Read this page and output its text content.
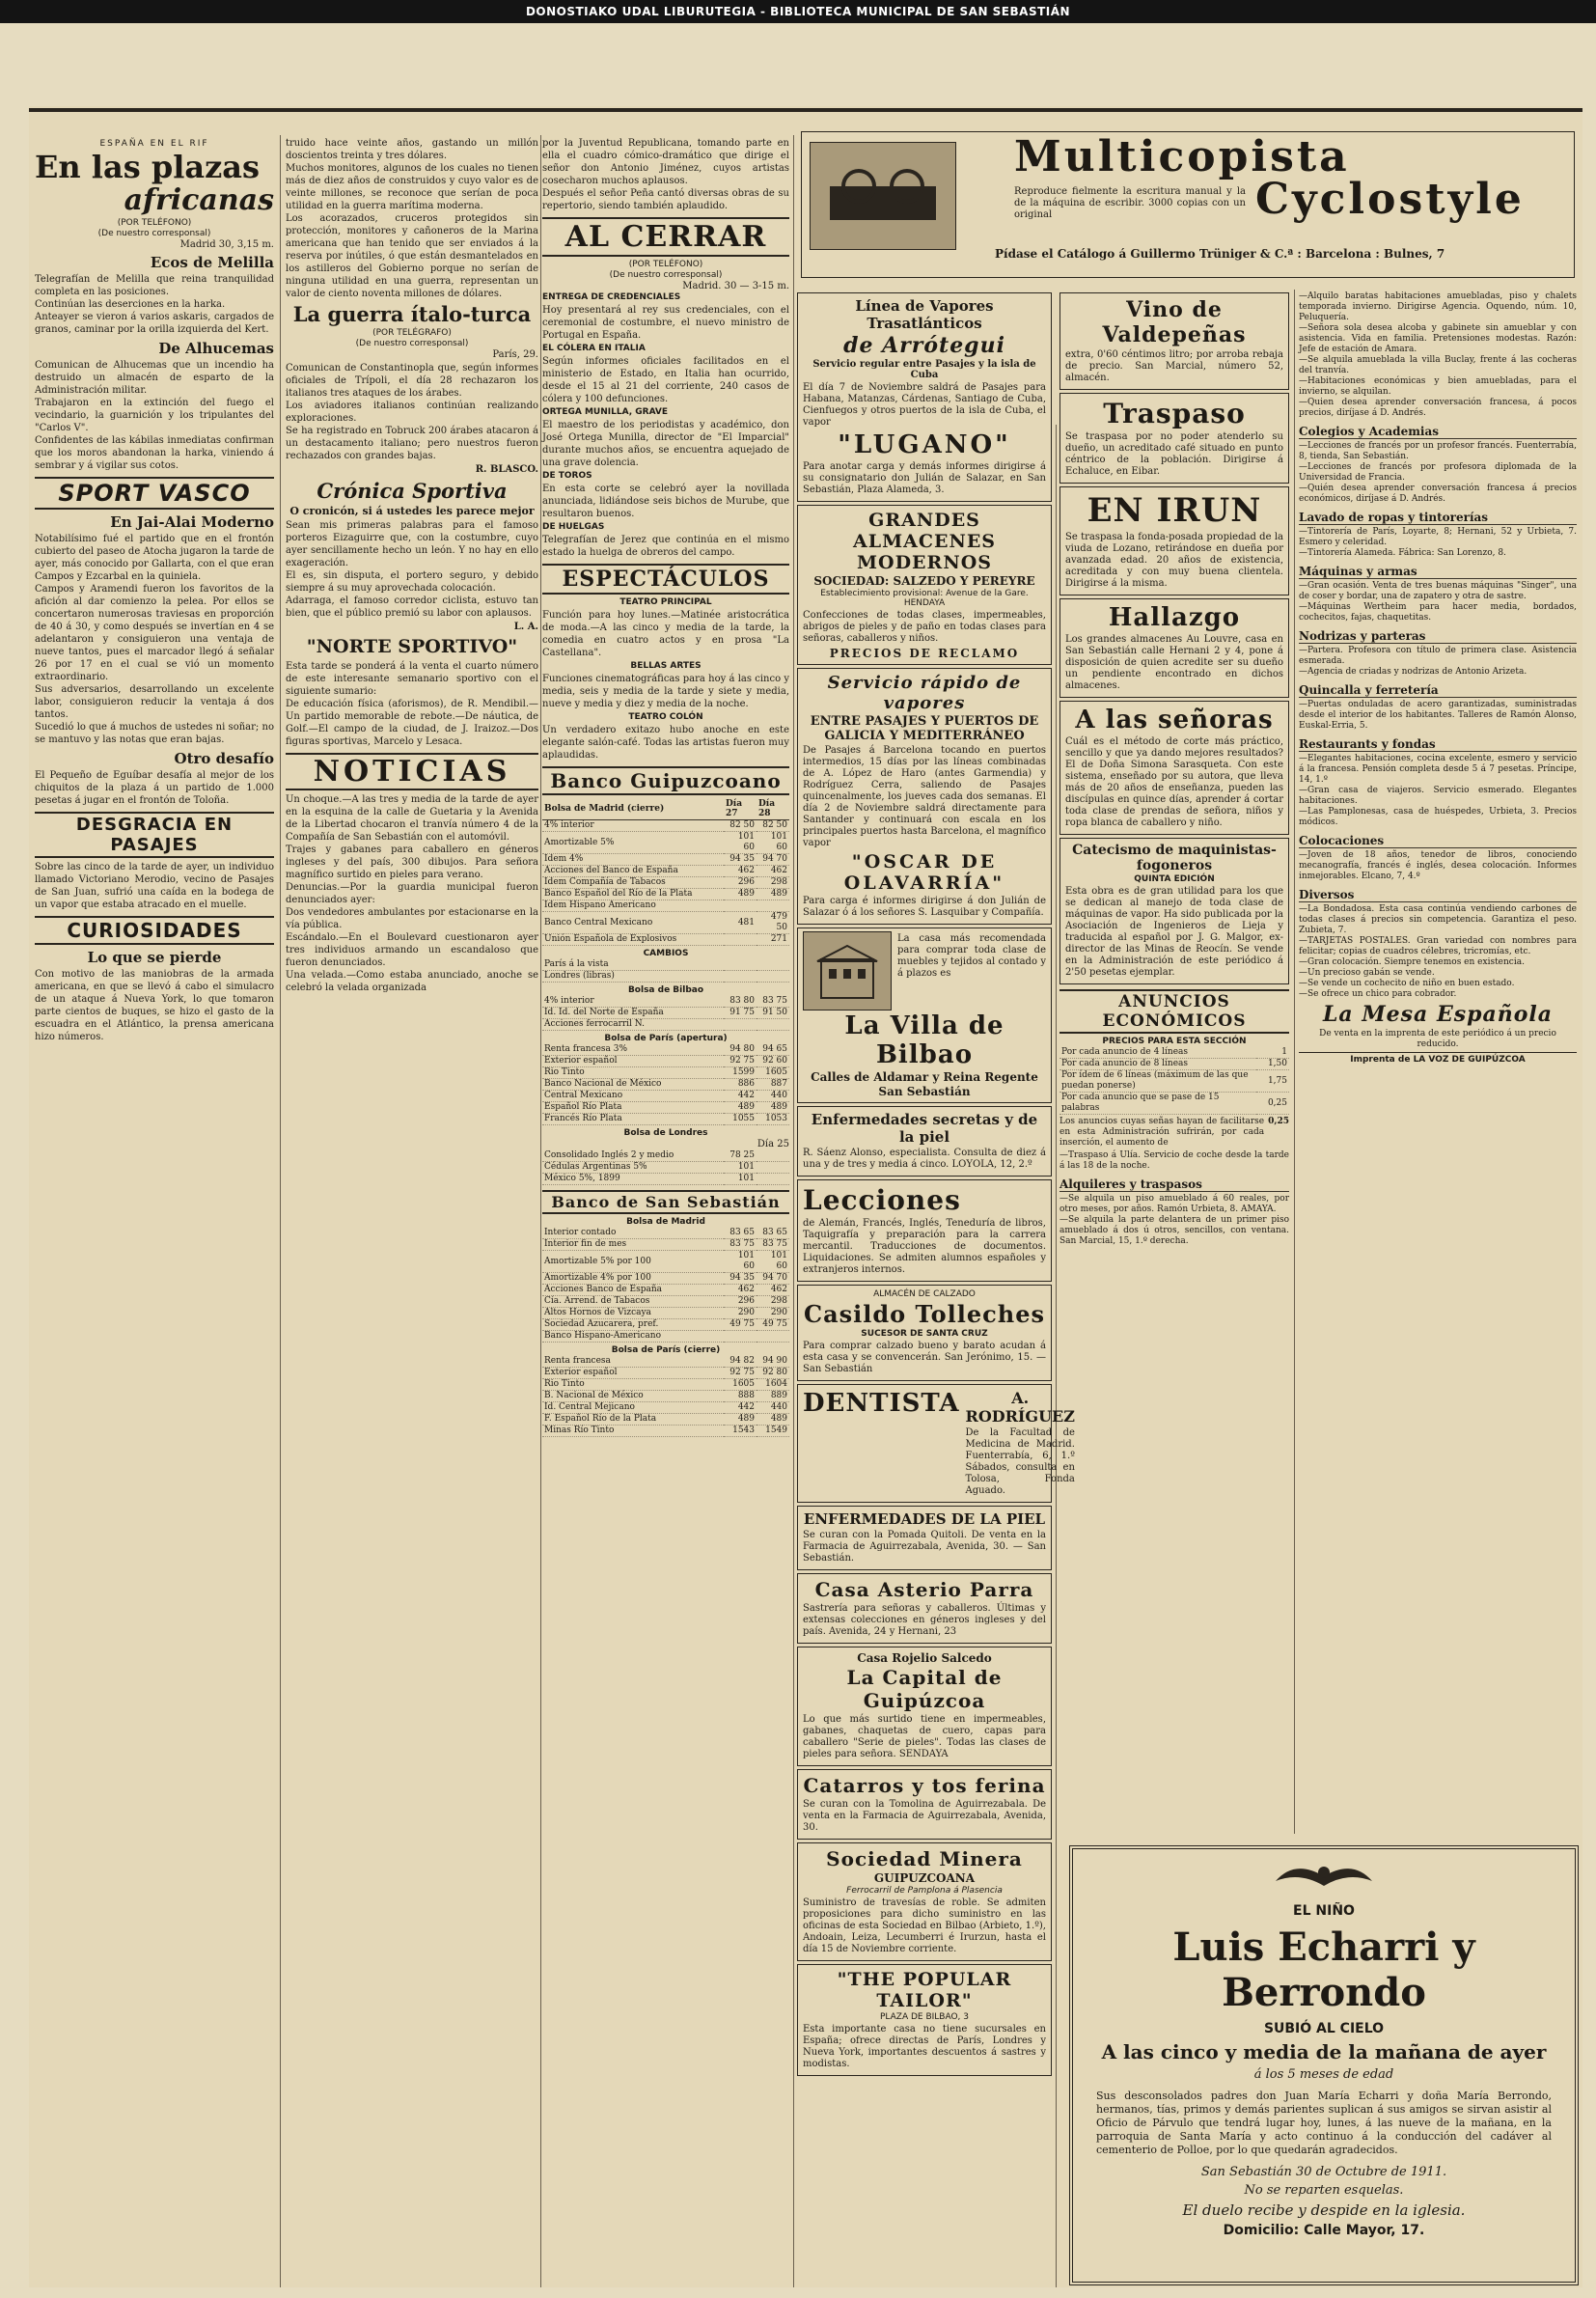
DONOSTIAKO UDAL LIBURUTEGIA - BIBLIOTECA MUNICIPAL DE SAN SEBASTIÁN
ESPAÑA EN EL RIF
En las plazas
africanas
(POR TELÉFONO)
(De nuestro corresponsal)
Madrid 30, 3,15 m.
Ecos de Melilla
Telegrafían de Melilla que reina tranquilidad completa en las posiciones.
Continúan las deserciones en la harka.
Anteayer se vieron á varios askaris, cargados de granos, caminar por la orilla izquierda del Kert.
De Alhucemas
Comunican de Alhucemas que un incendio ha destruido un almacén de esparto de la Administración militar.
Trabajaron en la extinción del fuego el vecindario, la guarnición y los tripulantes del "Carlos V".
Confidentes de las kábilas inmediatas confirman que los moros abandonan la harka, viniendo á sembrar y á vigilar sus cotos.
SPORT VASCO
En Jai-Alai Moderno
Notabilísimo fué el partido que en el frontón cubierto del paseo de Atocha jugaron la tarde de ayer, más conocido por Gallarta, con el que eran Campos y Ezcarbal en la quiniela.
Campos y Aramendi fueron los favoritos de la afición al dar comienzo la pelea. Por ellos se concertaron numerosas traviesas en proporción de 40 á 30, y como después se invertían en 4 se adelantaron y consiguieron una ventaja de nueve tantos, pues el marcador llegó á señalar 26 por 17 en el cual se vió un momento extraordinario.
Sus adversarios, desarrollando un excelente labor, consiguieron reducir la ventaja á dos tantos.
Sucedió lo que á muchos de ustedes ni soñar; no se mantuvo y las notas que eran bajas.
Otro desafío
El Pequeño de Eguíbar desafía al mejor de los chiquitos de la plaza á un partido de 1.000 pesetas á jugar en el frontón de Toloña.
DESGRACIA EN PASAJES
Sobre las cinco de la tarde de ayer, un individuo llamado Victoriano Merodio, vecino de Pasajes de San Juan, sufrió una caída en la bodega de un vapor que estaba atracado en el muelle.
CURIOSIDADES
Lo que se pierde
Con motivo de las maniobras de la armada americana, en que se llevó á cabo el simulacro de un ataque á Nueva York, lo que tomaron parte cientos de buques, se hizo el gasto de la escuadra en el Atlántico, la prensa americana hizo números.
truido hace veinte años, gastando un millón doscientos treinta y tres dólares.
Muchos monitores, algunos de los cuales no tienen más de diez años de construidos y cuyo valor es de veinte millones, se reconoce que serían de poca utilidad en la guerra marítima moderna.
Los acorazados, cruceros protegidos sin protección, monitores y cañoneros de la Marina americana que han tenido que ser enviados á la reserva por inútiles, ó que están desmantelados en los astilleros del Gobierno porque no serían de ninguna utilidad en una guerra, representan un valor de ciento noventa millones de dólares.
La guerra ítalo-turca
(POR TELÉGRAFO)
(De nuestro corresponsal)
París, 29.
Comunican de Constantinopla que, según informes oficiales de Trípoli, el día 28 rechazaron los italianos tres ataques de los árabes.
Los aviadores italianos continúan realizando exploraciones.
Se ha registrado en Tobruck 200 árabes atacaron á un destacamento italiano; pero nuestros fueron rechazados con grandes bajas.
R. BLASCO.
Crónica Sportiva
O cronicón, si á ustedes les parece mejor
Sean mis primeras palabras para el famoso porteros Eizaguirre que, con la costumbre, cuyo ayer sencillamente hecho un león. Y no hay en ello exageración.
El es, sin disputa, el portero seguro, y debido siempre á su muy aprovechada colocación.
Adarraga, el famoso corredor ciclista, estuvo tan bien, que el público premió su labor con aplausos.
L. A.
"NORTE SPORTIVO"
Esta tarde se ponderá á la venta el cuarto número de este interesante semanario sportivo con el siguiente sumario:
De educación física (aforismos), de R. Mendibil.—Un partido memorable de rebote.—De náutica, de Golf.—El campo de la ciudad, de J. Iraizoz.—Dos figuras sportivas, Marcelo y Lesaca.
NOTICIAS
Un choque.—A las tres y media de la tarde de ayer en la esquina de la calle de Guetaria y la Avenida de la Libertad chocaron el tranvía número 4 de la Compañía de San Sebastián con el automóvil.
Trajes y gabanes para caballero en géneros ingleses y del país, 300 dibujos. Para señora magnífico surtido en pieles para verano.
Denuncias.—Por la guardia municipal fueron denunciados ayer:
Dos vendedores ambulantes por estacionarse en la vía pública.
Escándalo.—En el Boulevard cuestionaron ayer tres individuos armando un escandaloso que fueron denunciados.
Una velada.—Como estaba anunciado, anoche se celebró la velada organizada
por la Juventud Republicana, tomando parte en ella el cuadro cómico-dramático que dirige el señor don Antonio Jiménez, cuyos artistas cosecharon muchos aplausos.
Después el señor Peña cantó diversas obras de su repertorio, siendo también aplaudido.
AL CERRAR
(POR TELÉFONO)
(De nuestro corresponsal)
Madrid. 30 — 3-15 m.
ENTREGA DE CREDENCIALES
Hoy presentará al rey sus credenciales, con el ceremonial de costumbre, el nuevo ministro de Portugal en España.
EL CÓLERA EN ITALIA
Según informes oficiales facilitados en el ministerio de Estado, en Italia han ocurrido, desde el 15 al 21 del corriente, 240 casos de cólera y 100 defunciones.
ORTEGA MUNILLA, GRAVE
El maestro de los periodistas y académico, don José Ortega Munilla, director de "El Imparcial" durante muchos años, se encuentra aquejado de una grave dolencia.
DE TOROS
En esta corte se celebró ayer la novillada anunciada, lidiándose seis bichos de Murube, que resultaron buenos.
DE HUELGAS
Telegrafían de Jerez que continúa en el mismo estado la huelga de obreros del campo.
ESPECTÁCULOS
TEATRO PRINCIPAL
Función para hoy lunes.—Matinée aristocrática de moda.—A las cinco y media de la tarde, la comedia en cuatro actos y en prosa "La Castellana".
BELLAS ARTES
Funciones cinematográficas para hoy á las cinco y media, seis y media de la tarde y siete y media, nueve y media y diez y media de la noche.
TEATRO COLÓN
Un verdadero exitazo hubo anoche en este elegante salón-café. Todas las artistas fueron muy aplaudidas.
Banco Guipuzcoano
Bolsa de Madrid (cierre)	Día 27	Día 28
4% interior	82 50	82 50
Amortizable 5%	101 60	101 60
Idem 4%	94 35	94 70
Acciones del Banco de España	462	462
Idem Compañía de Tabacos	296	298
Banco Español del Río de la Plata	489	489
Idem Hispano Americano		
Banco Central Mexicano	481	479 50
Unión Española de Explosivos		271
CAMBIOS
París á la vista		
Londres (libras)		
Bolsa de Bilbao
4% interior	83 80	83 75
Id. Id. del Norte de España	91 75	91 50
Acciones ferrocarril N.		
Bolsa de París (apertura)
Renta francesa 3%	94 80	94 65
Exterior español	92 75	92 60
Rio Tinto	1599	1605
Banco Nacional de México	886	887
Central Mexicano	442	440
Español Río Plata	489	489
Francés Río Plata	1055	1053
Bolsa de Londres
Día 25
Consolidado Inglés 2 y medio	78 25	
Cédulas Argentinas 5%	101	
México 5%, 1899	101	
Banco de San Sebastián
Bolsa de Madrid
Interior contado	83 65	83 65
Interior fin de mes	83 75	83 75
Amortizable 5% por 100	101 60	101 60
Amortizable 4% por 100	94 35	94 70
Acciones Banco de España	462	462
Cía. Arrend. de Tabacos	296	298
Altos Hornos de Vizcaya	290	290
Sociedad Azucarera, pref.	49 75	49 75
Banco Hispano-Americano		
Bolsa de París (cierre)
Renta francesa	94 82	94 90
Exterior español	92 75	92 80
Rio Tinto	1605	1604
B. Nacional de México	888	889
Id. Central Mejicano	442	440
F. Español Río de la Plata	489	489
Minas Río Tinto	1543	1549
Línea de Vapores Trasatlánticos
de Arrótegui
Servicio regular entre Pasajes y la isla de Cuba
El día 7 de Noviembre saldrá de Pasajes para Habana, Matanzas, Cárdenas, Santiago de Cuba, Cienfuegos y otros puertos de la isla de Cuba, el vapor
"LUGANO"
Para anotar carga y demás informes dirigirse á su consignatario don Julián de Salazar, en San Sebastián, Plaza Alameda, 3.
GRANDES ALMACENES MODERNOS
SOCIEDAD: SALZEDO Y PEREYRE
Establecimiento provisional: Avenue de la Gare. HENDAYA
Confecciones de todas clases, impermeables, abrigos de pieles y de paño en todas clases para señoras, caballeros y niños.
PRECIOS DE RECLAMO
Servicio rápido de vapores
ENTRE PASAJES Y PUERTOS DE GALICIA Y MEDITERRÁNEO
De Pasajes á Barcelona tocando en puertos intermedios, 15 días por las líneas combinadas de A. López de Haro (antes Garmendia) y Rodríguez Cerra, saliendo de Pasajes quincenalmente, los jueves cada dos semanas. El día 2 de Noviembre saldrá directamente para Santander y continuará con escala en los principales puertos hasta Barcelona, el magnífico vapor
"OSCAR DE OLAVARRÍA"
Para carga é informes dirigirse á don Julián de Salazar ó á los señores S. Lasquibar y Compañía.
La casa más recomendada para comprar toda clase de muebles y tejidos al contado y á plazos es
La Villa de Bilbao
Calles de Aldamar y Reina Regente
San Sebastián
Enfermedades secretas y de la piel
R. Sáenz Alonso, especialista. Consulta de diez á una y de tres y media á cinco. LOYOLA, 12, 2.º
Lecciones
de Alemán, Francés, Inglés, Teneduría de libros, Taquigrafía y preparación para la carrera mercantil. Traducciones de documentos. Liquidaciones. Se admiten alumnos españoles y extranjeros internos.
ALMACÉN DE CALZADO
Casildo Tolleches
SUCESOR DE SANTA CRUZ
Para comprar calzado bueno y barato acudan á esta casa y se convencerán. San Jerónimo, 15. — San Sebastián
DENTISTA	A. RODRÍGUEZ
De la Facultad de Medicina de Madrid. Fuenterrabía, 6, 1.º Sábados, consulta en Tolosa, Fonda Aguado.
ENFERMEDADES DE LA PIEL
Se curan con la Pomada Quitoli. De venta en la Farmacia de Aguirrezabala, Avenida, 30. — San Sebastián.
Casa Asterio Parra
Sastrería para señoras y caballeros. Últimas y extensas colecciones en géneros ingleses y del país. Avenida, 24 y Hernani, 23
Casa Rojelio Salcedo
La Capital de Guipúzcoa
Lo que más surtido tiene en impermeables, gabanes, chaquetas de cuero, capas para caballero "Serie de pieles". Todas las clases de pieles para señora. SENDAYA
Catarros y tos ferina
Se curan con la Tomolina de Aguirrezabala. De venta en la Farmacia de Aguirrezabala, Avenida, 30.
Sociedad Minera
GUIPUZCOANA
Ferrocarril de Pamplona á Plasencia
Suministro de travesías de roble. Se admiten proposiciones para dicho suministro en las oficinas de esta Sociedad en Bilbao (Arbieto, 1.º), Andoain, Leiza, Lecumberri é Irurzun, hasta el día 15 de Noviembre corriente.
"THE POPULAR TAILOR"
PLAZA DE BILBAO, 3
Esta importante casa no tiene sucursales en España; ofrece directas de París, Londres y Nueva York, importantes descuentos á sastres y modistas.
Multicopista
Cyclostyle
Reproduce fielmente la escritura manual y la de la máquina de escribir. 3000 copias con un original
Pídase el Catálogo á Guillermo Trüniger & C.ª : Barcelona : Bulnes, 7
Vino de Valdepeñas
extra, 0'60 céntimos litro; por arroba rebaja de precio. San Marcial, número 52, almacén.
Traspaso
Se traspasa por no poder atenderlo su dueño, un acreditado café situado en punto céntrico de la población. Dirigirse á Echaluce, en Eibar.
EN IRUN
Se traspasa la fonda-posada propiedad de la viuda de Lozano, retirándose en dueña por avanzada edad. 20 años de existencia, acreditada y con muy buena clientela. Dirigirse á la misma.
Hallazgo
Los grandes almacenes Au Louvre, casa en San Sebastián calle Hernani 2 y 4, pone á disposición de quien acredite ser su dueño un pendiente encontrado en dichos almacenes.
A las señoras
Cuál es el método de corte más práctico, sencillo y que ya dando mejores resultados? El de Doña Simona Sarasqueta. Con este sistema, enseñado por su autora, que lleva más de 20 años de enseñanza, pueden las discípulas en quince días, aprender á cortar toda clase de prendas de señora, niños y ropa blanca de caballero y niño.
Catecismo de maquinistas-fogoneros
QUINTA EDICIÓN
Esta obra es de gran utilidad para los que se dedican al manejo de toda clase de máquinas de vapor. Ha sido publicada por la Asociación de Ingenieros de Lieja y traducida al español por J. G. Malgor, ex-director de las Minas de Reocín. Se vende en la Administración de este periódico á 2'50 pesetas ejemplar.
ANUNCIOS ECONÓMICOS
PRECIOS PARA ESTA SECCIÓN
Por cada anuncio de 4 líneas	1
Por cada anuncio de 8 líneas	1,50
Por ídem de 6 líneas (máximum de las que puedan ponerse)	1,75
Por cada anuncio que se pase de 15 palabras	0,25
Los anuncios cuyas señas hayan de facilitarse en esta Administración sufrirán, por cada inserción, el aumento de
0,25
—Traspaso á Ulía. Servicio de coche desde la tarde á las 18 de la noche.
Alquileres y traspasos
—Se alquila un piso amueblado á 60 reales, por otro meses, por años. Ramón Urbieta, 8. AMAYA.
—Se alquila la parte delantera de un primer piso amueblado á dos ú otros, sencillos, con ventana. San Marcial, 15, 1.º derecha.
—Alquilo baratas habitaciones amuebladas, piso y chalets temporada invierno. Dirigirse Agencia. Oquendo, núm. 10, Peluquería.
—Señora sola desea alcoba y gabinete sin amueblar y con asistencia. Vida en familia. Pretensiones modestas. Razón: Jefe de estación de Amara.
—Se alquila amueblada la villa Buclay, frente á las cocheras del tranvía.
—Habitaciones económicas y bien amuebladas, para el invierno, se alquilan.
—Quien desea aprender conversación francesa, á pocos precios, diríjase á D. Andrés.
Colegios y Academias
—Lecciones de francés por un profesor francés. Fuenterrabía, 8, tienda, San Sebastián.
—Lecciones de francés por profesora diplomada de la Universidad de Francia.
—Quién desea aprender conversación francesa á precios económicos, diríjase á D. Andrés.
Lavado de ropas y tintorerías
—Tintorería de París, Loyarte, 8; Hernani, 52 y Urbieta, 7. Esmero y celeridad.
—Tintorería Alameda. Fábrica: San Lorenzo, 8.
Máquinas y armas
—Gran ocasión. Venta de tres buenas máquinas "Singer", una de coser y bordar, una de zapatero y otra de sastre.
—Máquinas Wertheim para hacer media, bordados, cochecitos, fajas, chaquetitas.
Nodrizas y parteras
—Partera. Profesora con título de primera clase. Asistencia esmerada.
—Agencia de criadas y nodrizas de Antonio Arizeta.
Quincalla y ferretería
—Puertas onduladas de acero garantizadas, suministradas desde el interior de los habitantes. Talleres de Ramón Alonso, Euskal-Erria, 5.
Restaurants y fondas
—Elegantes habitaciones, cocina excelente, esmero y servicio á la francesa. Pensión completa desde 5 á 7 pesetas. Príncipe, 14, 1.º
—Gran casa de viajeros. Servicio esmerado. Elegantes habitaciones.
—Las Pamplonesas, casa de huéspedes, Urbieta, 3. Precios módicos.
Colocaciones
—Joven de 18 años, tenedor de libros, conociendo mecanografía, francés é inglés, desea colocación. Informes inmejorables. Elcano, 7, 4.º
Diversos
—La Bondadosa. Esta casa continúa vendiendo carbones de todas clases á precios sin competencia. Garantiza el peso. Zubieta, 7.
—TARJETAS POSTALES. Gran variedad con nombres para felicitar; copias de cuadros célebres, tricromías, etc.
—Gran colocación. Siempre tenemos en existencia.
—Un precioso gabán se vende.
—Se vende un cochecito de niño en buen estado.
—Se ofrece un chico para cobrador.
La Mesa Española
De venta en la imprenta de este periódico á un precio reducido.
Imprenta de LA VOZ DE GUIPÚZCOA
EL NIÑO
Luis Echarri y Berrondo
SUBIÓ AL CIELO
A las cinco y media de la mañana de ayer
á los 5 meses de edad
Sus desconsolados padres don Juan María Echarri y doña María Berrondo, hermanos, tías, primos y demás parientes suplican á sus amigos se sirvan asistir al Oficio de Párvulo que tendrá lugar hoy, lunes, á las nueve de la mañana, en la parroquia de Santa María y acto continuo á la conducción del cadáver al cementerio de Polloe, por lo que quedarán agradecidos.
San Sebastián 30 de Octubre de 1911.
No se reparten esquelas.
El duelo recibe y despide en la iglesia.
Domicilio: Calle Mayor, 17.
